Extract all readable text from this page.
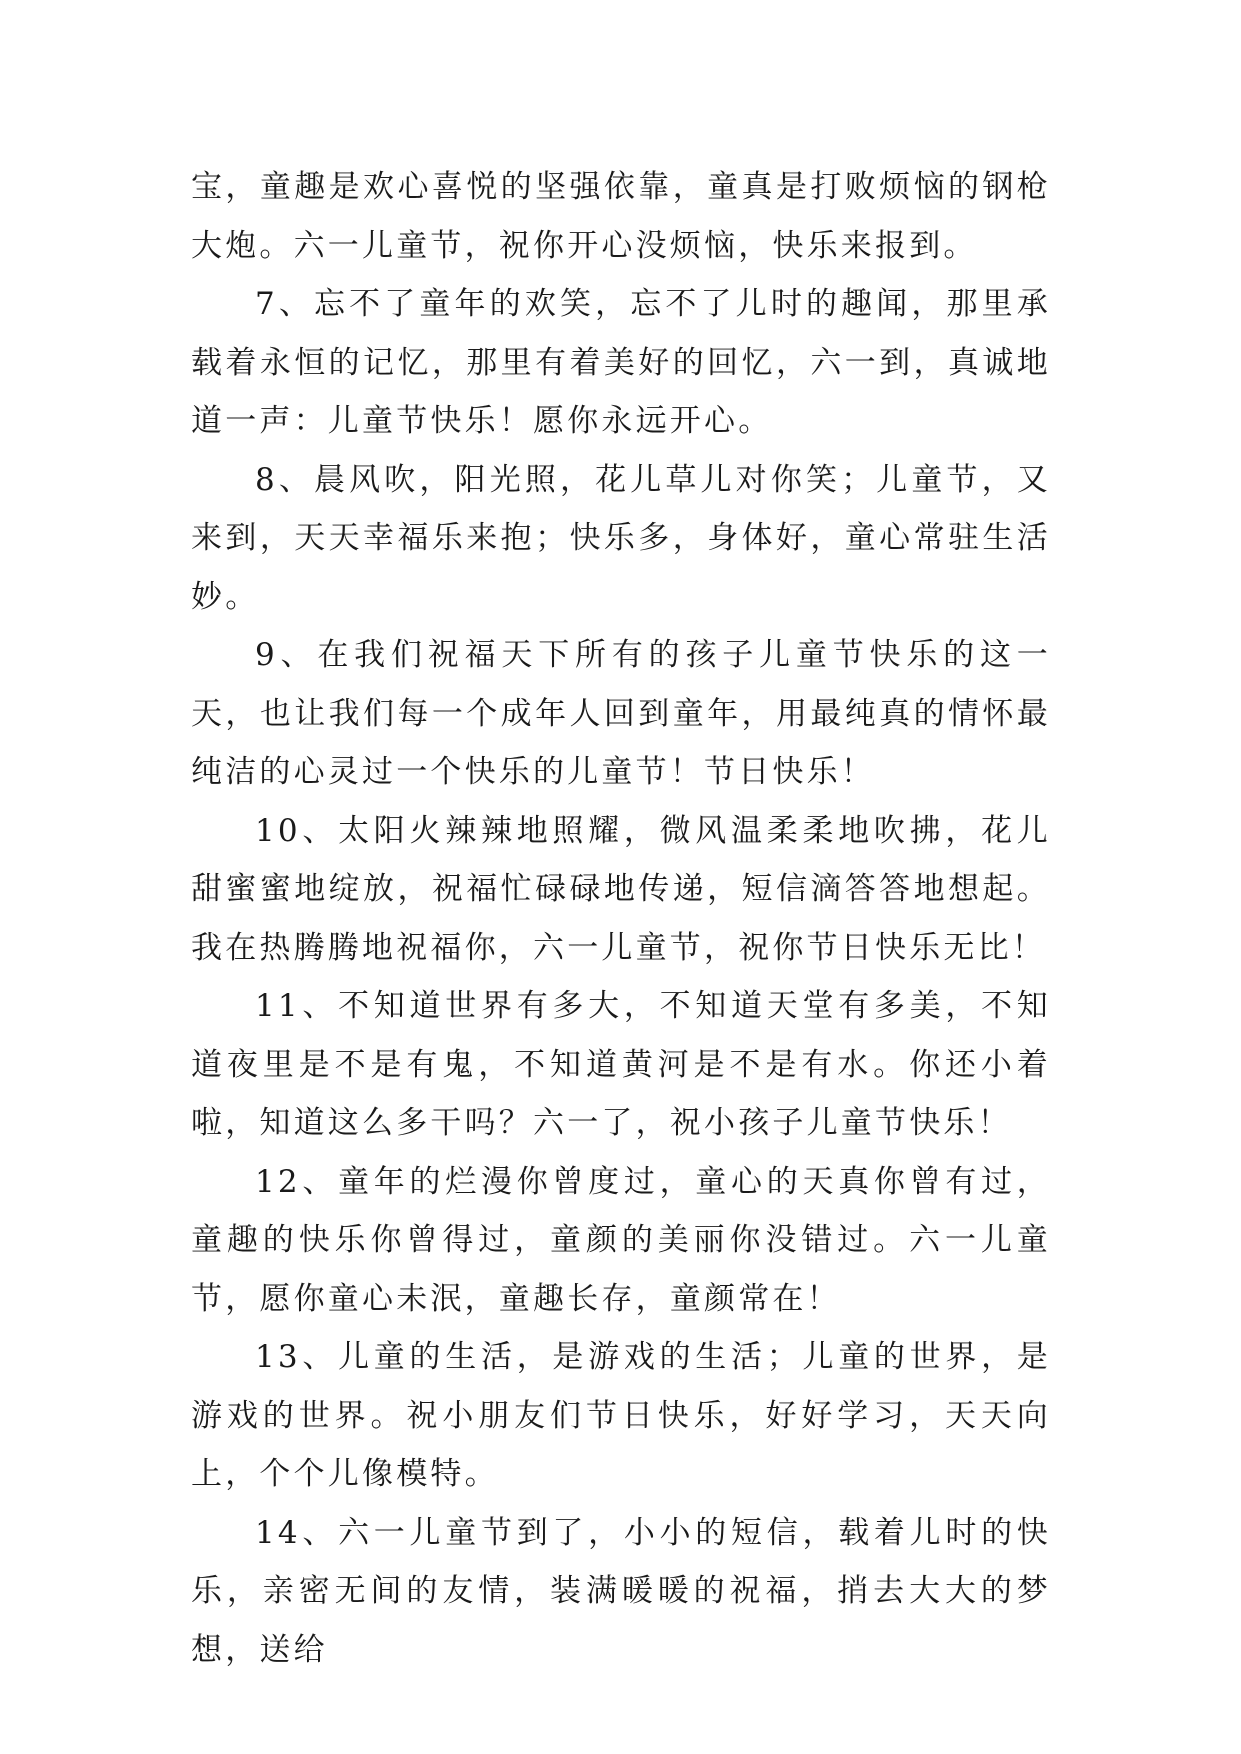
宝，童趣是欢心喜悦的坚强依靠，童真是打败烦恼的钢枪大炮。六一儿童节，祝你开心没烦恼，快乐来报到。

7、忘不了童年的欢笑，忘不了儿时的趣闻，那里承载着永恒的记忆，那里有着美好的回忆，六一到，真诚地道一声：儿童节快乐！愿你永远开心。

8、晨风吹，阳光照，花儿草儿对你笑；儿童节，又来到，天天幸福乐来抱；快乐多，身体好，童心常驻生活妙。

9、在我们祝福天下所有的孩子儿童节快乐的这一天，也让我们每一个成年人回到童年，用最纯真的情怀最纯洁的心灵过一个快乐的儿童节！节日快乐！

10、太阳火辣辣地照耀，微风温柔柔地吹拂，花儿甜蜜蜜地绽放，祝福忙碌碌地传递，短信滴答答地想起。我在热腾腾地祝福你，六一儿童节，祝你节日快乐无比！

11、不知道世界有多大，不知道天堂有多美，不知道夜里是不是有鬼，不知道黄河是不是有水。你还小着啦，知道这么多干吗？六一了，祝小孩子儿童节快乐！

12、童年的烂漫你曾度过，童心的天真你曾有过，童趣的快乐你曾得过，童颜的美丽你没错过。六一儿童节，愿你童心未泯，童趣长存，童颜常在！

13、儿童的生活，是游戏的生活；儿童的世界，是游戏的世界。祝小朋友们节日快乐，好好学习，天天向上，个个儿像模特。

14、六一儿童节到了，小小的短信，载着儿时的快乐，亲密无间的友情，装满暖暖的祝福，捎去大大的梦想，送给
